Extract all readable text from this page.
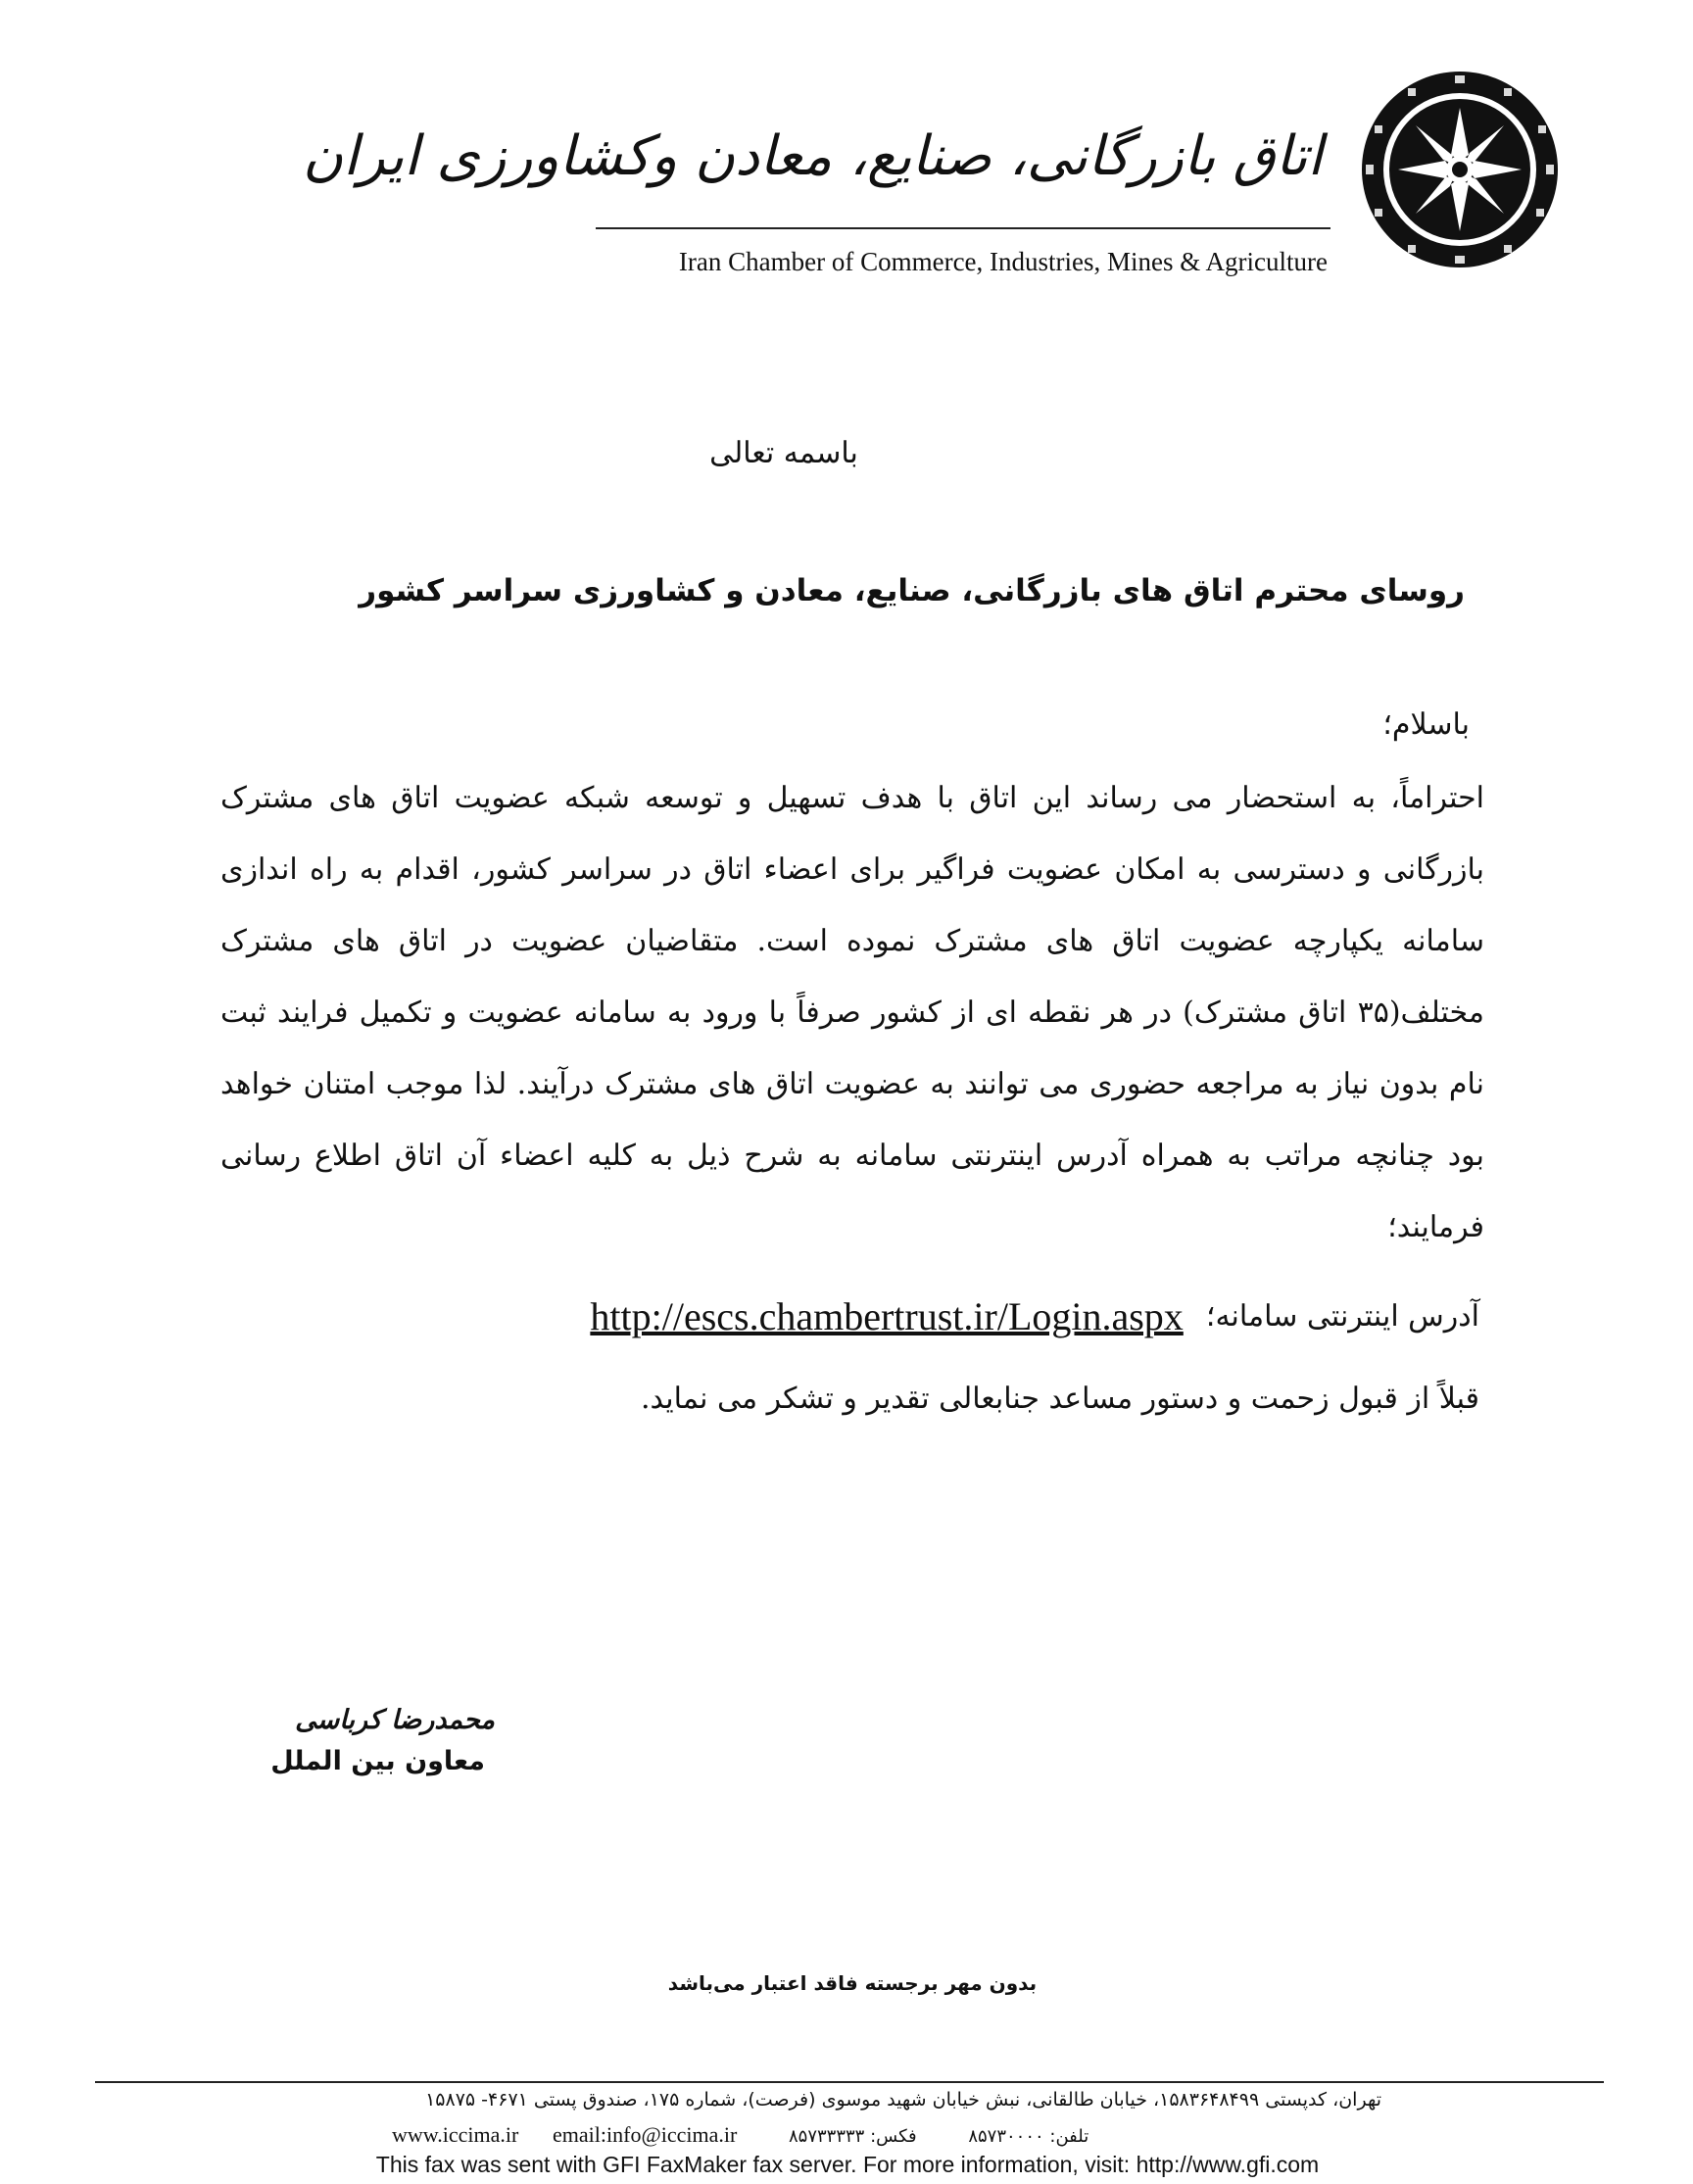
اتاق بازرگانی، صنایع، معادن وکشاورزی ایران
Iran Chamber of Commerce, Industries, Mines & Agriculture
باسمه تعالی
روسای محترم اتاق های بازرگانی، صنایع، معادن و کشاورزی سراسر کشور
باسلام؛
احتراماً، به استحضار می رساند این اتاق با هدف تسهیل و توسعه شبکه عضویت اتاق های مشترک بازرگانی و دسترسی به امکان عضویت فراگیر برای اعضاء اتاق در سراسر کشور، اقدام به راه اندازی سامانه یکپارچه عضویت اتاق های مشترک نموده است. متقاضیان عضویت در اتاق های مشترک مختلف(۳۵ اتاق مشترک) در هر نقطه ای از کشور صرفاً با ورود به سامانه عضویت و تکمیل فرایند ثبت نام بدون نیاز به مراجعه حضوری می توانند به عضویت اتاق های مشترک درآیند. لذا موجب امتنان خواهد بود چنانچه مراتب به همراه آدرس اینترنتی سامانه به شرح ذیل به کلیه اعضاء آن اتاق اطلاع رسانی فرمایند؛
آدرس اینترنتی سامانه؛ http://escs.chambertrust.ir/Login.aspx
قبلاً از قبول زحمت و دستور مساعد جنابعالی تقدیر و تشکر می نماید.
محمدرضا کرباسی
معاون بین الملل
بدون مهر برجسته فاقد اعتبار می‌باشد
تهران، کدپستی ۱۵۸۳۶۴۸۴۹۹، خیابان طالقانی، نبش خیابان شهید موسوی (فرصت)، شماره ۱۷۵، صندوق پستی ۴۶۷۱- ۱۵۸۷۵
www.iccima.ir email:info@iccima.ir	فکس: ۸۵۷۳۳۳۳۳	تلفن: ۸۵۷۳۰۰۰۰
This fax was sent with GFI FaxMaker fax server. For more information, visit: http://www.gfi.com
